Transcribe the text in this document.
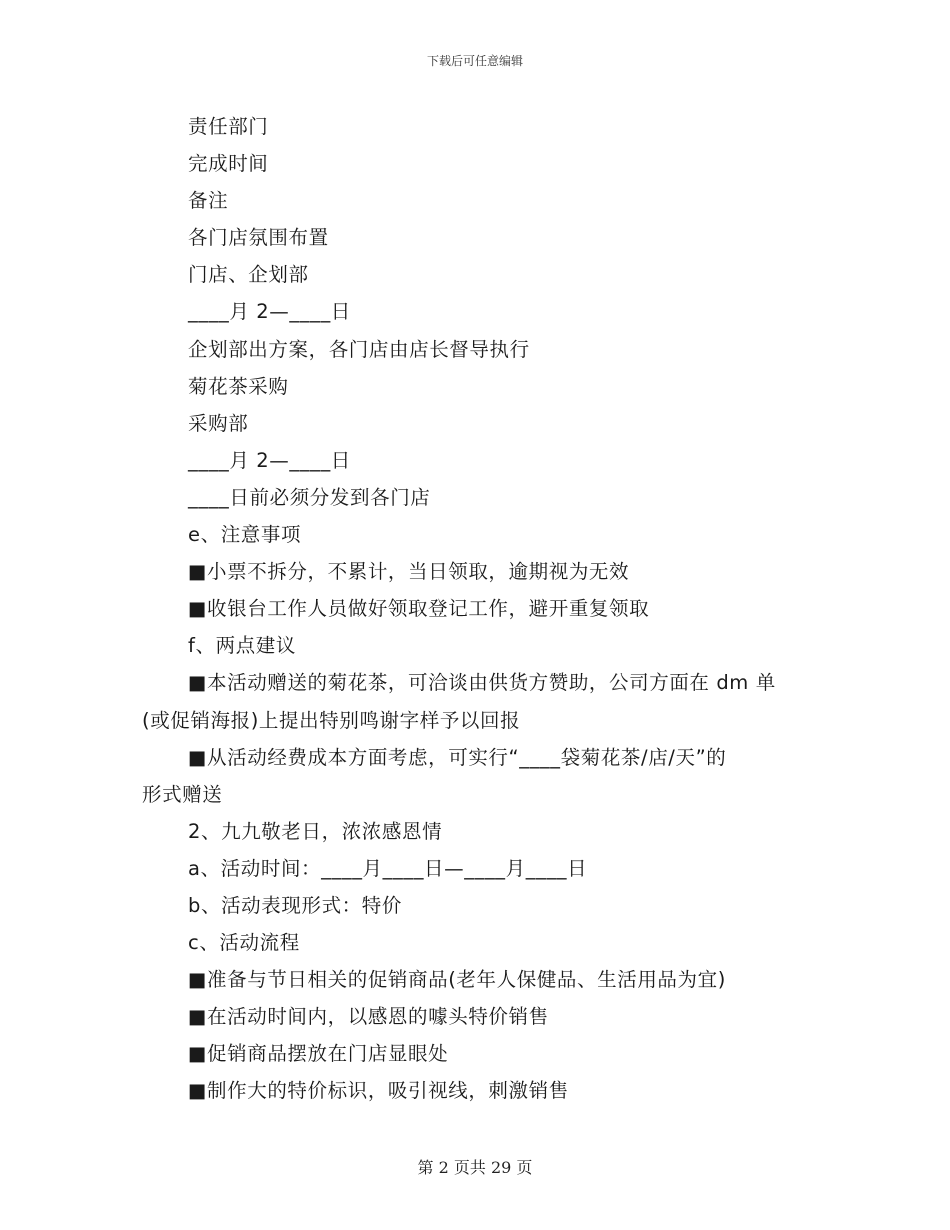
下载后可任意编辑
责任部门
完成时间
备注
各门店氛围布置
门店、企划部
____月 2—____日
企划部出方案，各门店由店长督导执行
菊花茶采购
采购部
____月 2—____日
____日前必须分发到各门店
e、注意事项
■小票不拆分，不累计，当日领取，逾期视为无效
■收银台工作人员做好领取登记工作，避开重复领取
f、两点建议
■本活动赠送的菊花茶，可洽谈由供货方赞助，公司方面在 dm 单
(或促销海报)上提出特别鸣谢字样予以回报
■从活动经费成本方面考虑，可实行“____袋菊花茶/店/天”的
形式赠送
2、九九敬老日，浓浓感恩情
a、活动时间：____月____日—____月____日
b、活动表现形式：特价
c、活动流程
■准备与节日相关的促销商品(老年人保健品、生活用品为宜)
■在活动时间内，以感恩的噱头特价销售
■促销商品摆放在门店显眼处
■制作大的特价标识，吸引视线，刺激销售
第 2 页共 29 页
